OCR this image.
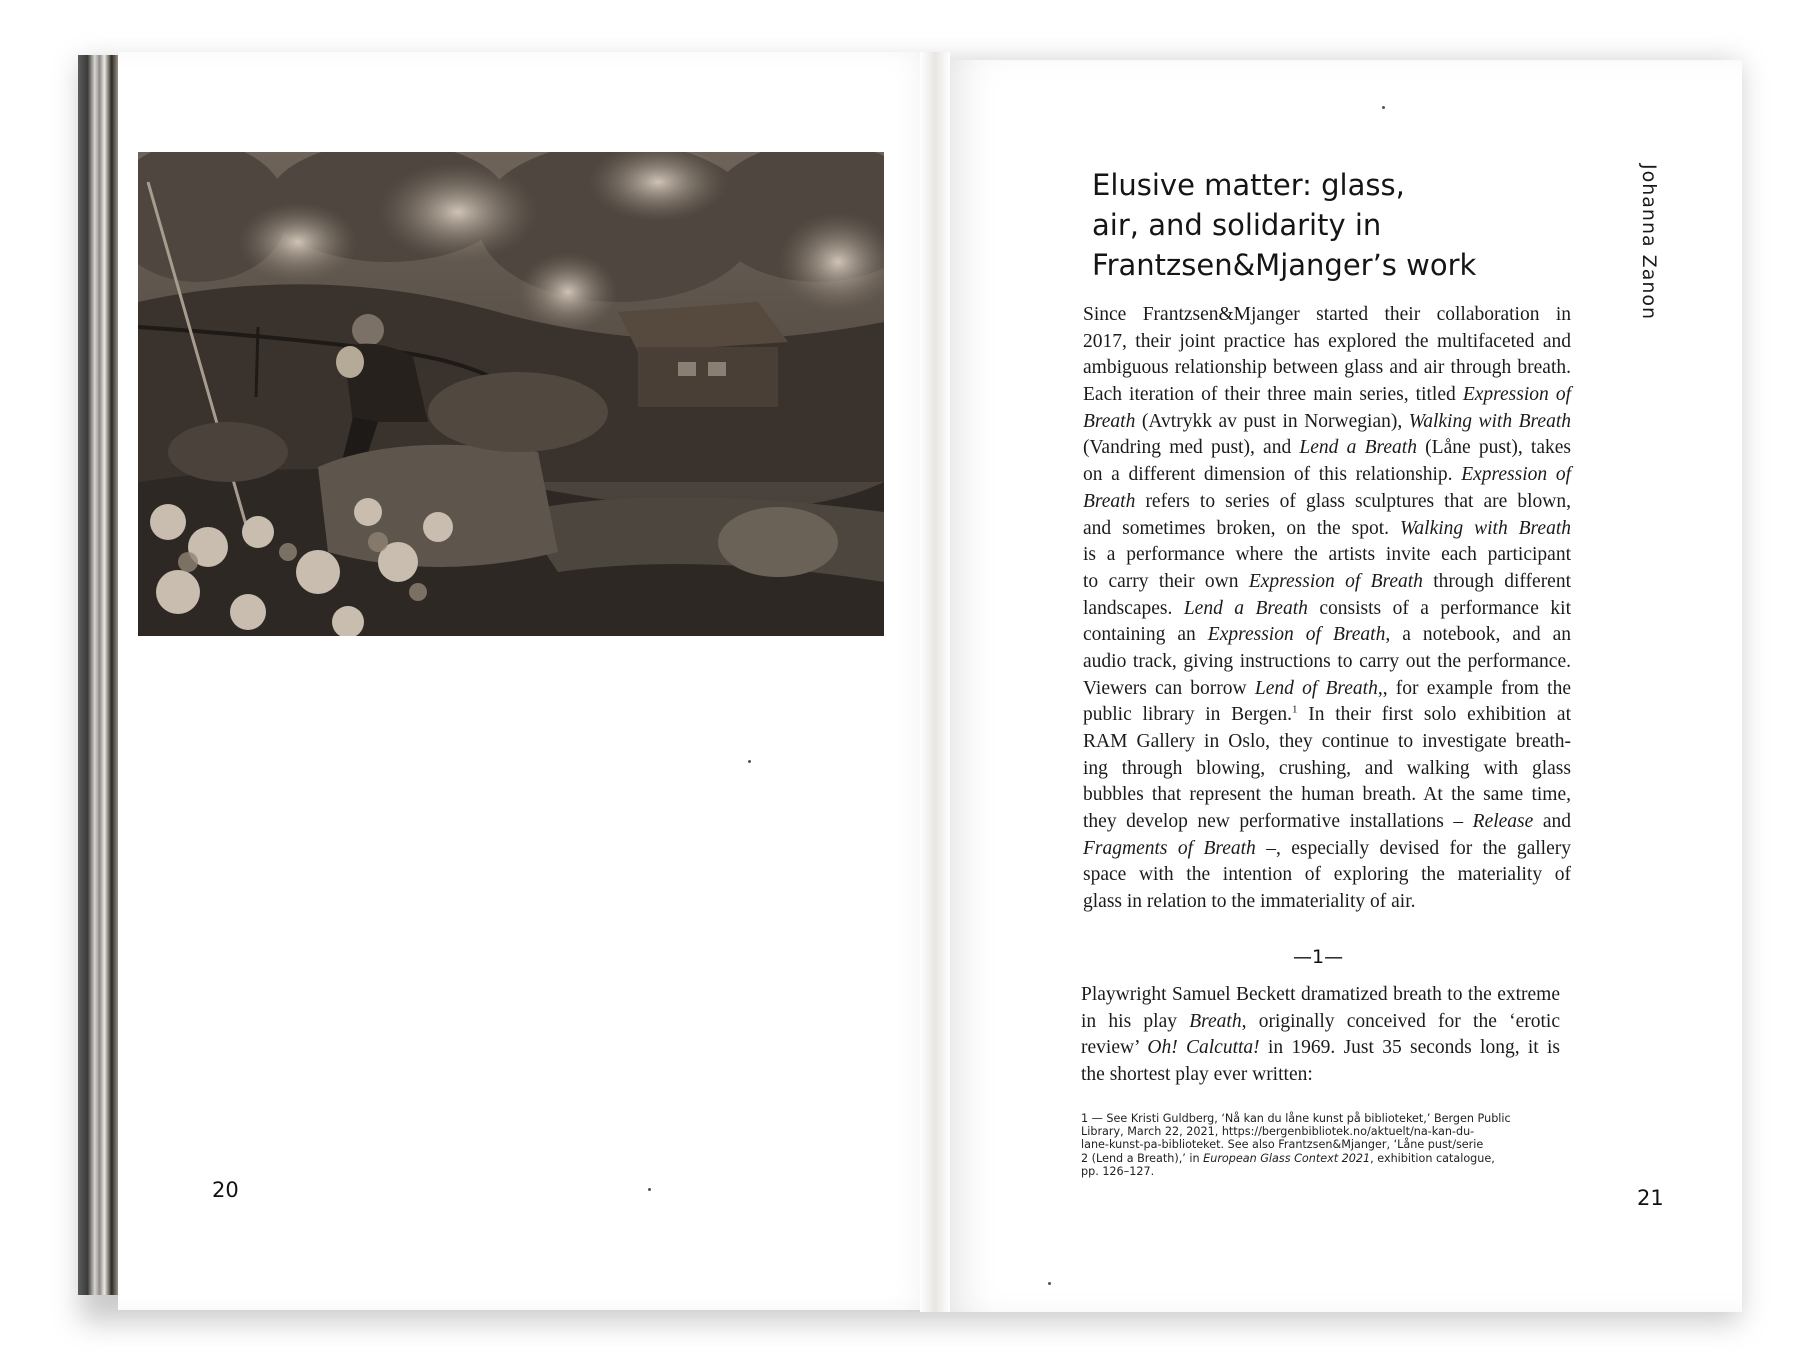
20
Johanna Zanon
Elusive matter: glass,
air, and solidarity in
Frantzsen&Mjanger’s work
Since Frantzsen&Mjanger started their collaboration in
2017, their joint practice has explored the multifaceted and
ambiguous relationship between glass and air through breath.
Each iteration of their three main series, titled Expression of
Breath (Avtrykk av pust in Norwegian), Walking with Breath
(Vandring med pust), and Lend a Breath (Låne pust), takes
on a different dimension of this relationship. Expression of
Breath refers to series of glass sculptures that are blown,
and sometimes broken, on the spot. Walking with Breath
is a performance where the artists invite each participant
to carry their own Expression of Breath through different
landscapes. Lend a Breath consists of a performance kit
containing an Expression of Breath, a notebook, and an
audio track, giving instructions to carry out the performance.
Viewers can borrow Lend of Breath,, for example from the
public library in Bergen.$^1$ In their first solo exhibition at
RAM Gallery in Oslo, they continue to investigate breath-
ing through blowing, crushing, and walking with glass
bubbles that represent the human breath. At the same time,
they develop new performative installations – Release and
Fragments of Breath –, especially devised for the gallery
space with the intention of exploring the materiality of
glass in relation to the immateriality of air.
—1—
Playwright Samuel Beckett dramatized breath to the extreme
in his play Breath, originally conceived for the ‘erotic
review’ Oh! Calcutta! in 1969. Just 35 seconds long, it is
the shortest play ever written:
1 — See Kristi Guldberg, ‘Nå kan du låne kunst på biblioteket,’ Bergen Public
Library, March 22, 2021, https://bergenbibliotek.no/aktuelt/na-kan-du-
lane-kunst-pa-biblioteket. See also Frantzsen&Mjanger, ‘Låne pust/serie
2 (Lend a Breath),’ in European Glass Context 2021, exhibition catalogue,
pp. 126–127.
21
